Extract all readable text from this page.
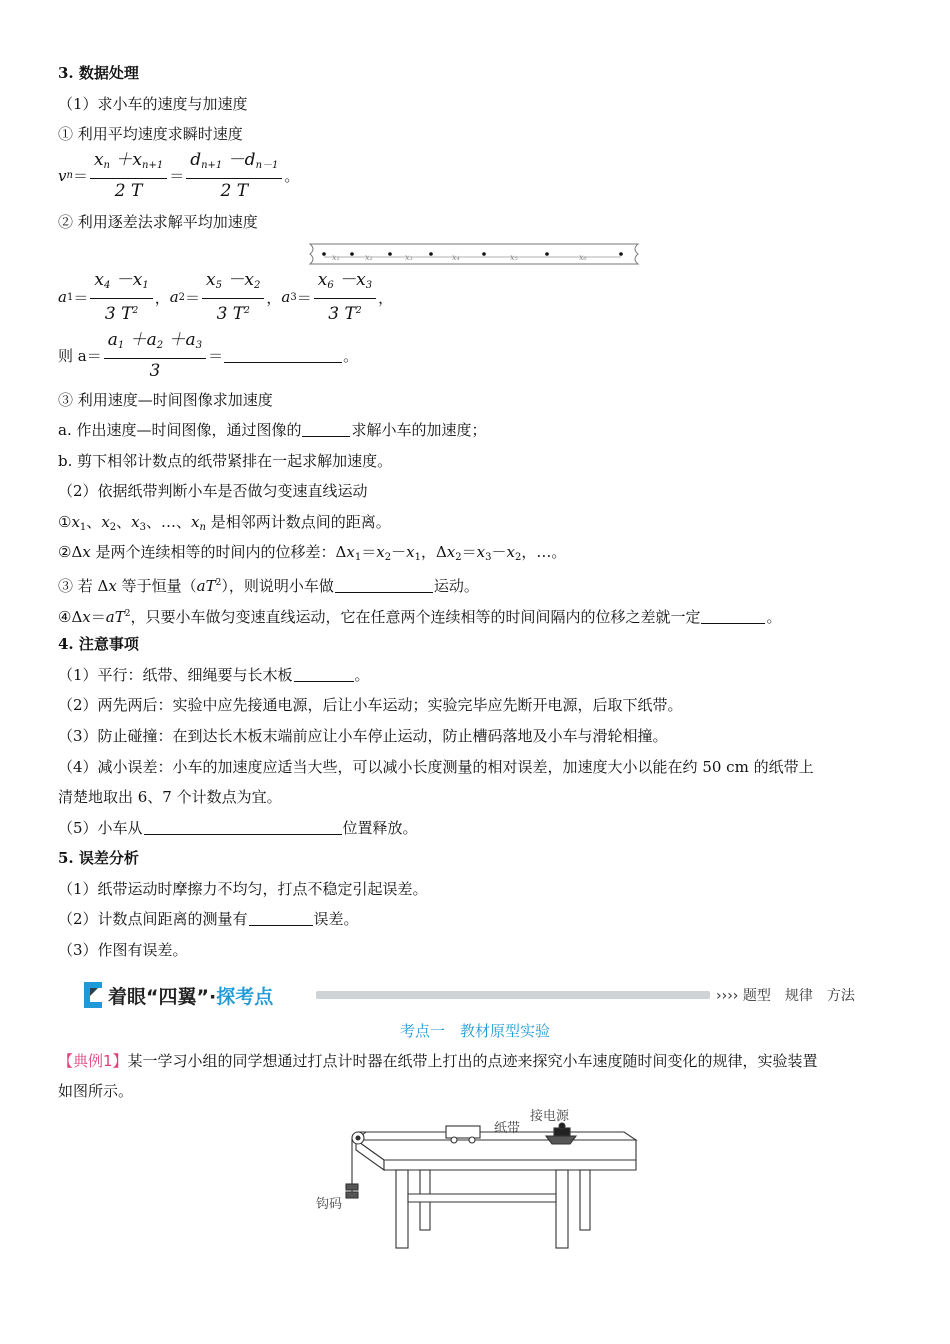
3. 数据处理
（1）求小车的速度与加速度
① 利用平均速度求瞬时速度
v $n = \frac{x_n +x_{n+1}}{2 T} = \frac{d_{n+1} -d_{n-1}}{2 T}$ 。
② 利用逐差法求解平均加速度
x₁	x₂	x₃	x₄	x₅	x₆
a $1 = \frac{x_4 -x_1}{3 T^2}$ ， a $2 = \frac{x_5 -x_2}{3 T^2}$ ， a $3 = \frac{x_6 -x_3}{3 T^2}$ ，
则 $a= \frac{a_1 +a_2 +a_3}{3}$ ＝	。
③ 利用速度—时间图像求加速度
a. 作出速度—时间图像，通过图像的	求解小车的加速度；
b. 剪下相邻计数点的纸带紧排在一起求解加速度。
（2）依据纸带判断小车是否做匀变速直线运动
$①x_1$、$x_2$、$x_3$、…、$x_n$ 是相邻两计数点间的距离。
②Δx 是两个连续相等的时间内的位移差：$\Delta x_1=x_2-x_1$，$\Delta x_2=x_3-x_2$，…。
③ 若 Δx 等于恒量$(aT^2)$，则说明小车做	运动。
$④\Delta x=aT^2$，只要小车做匀变速直线运动，它在任意两个连续相等的时间间隔内的位移之差就一定	。
4. 注意事项
（1）平行：纸带、细绳要与长木板	。
（2）两先两后：实验中应先接通电源，后让小车运动；实验完毕应先断开电源，后取下纸带。
（3）防止碰撞：在到达长木板末端前应让小车停止运动，防止槽码落地及小车与滑轮相撞。
（4）减小误差：小车的加速度应适当大些，可以减小长度测量的相对误差，加速度大小以能在约 50 cm 的纸带上
清楚地取出 6、7 个计数点为宜。
（5）小车从	位置释放。
5. 误差分析
（1）纸带运动时摩擦力不均匀，打点不稳定引起误差。
（2）计数点间距离的测量有	误差。
（3）作图有误差。
着眼“四翼”·探考点	›››› 题型　规律　方法
考点一　教材原型实验
【典例1】某一学习小组的同学想通过打点计时器在纸带上打出的点迹来探究小车速度随时间变化的规律，实验装置
如图所示。
纸带
接电源
钩码
